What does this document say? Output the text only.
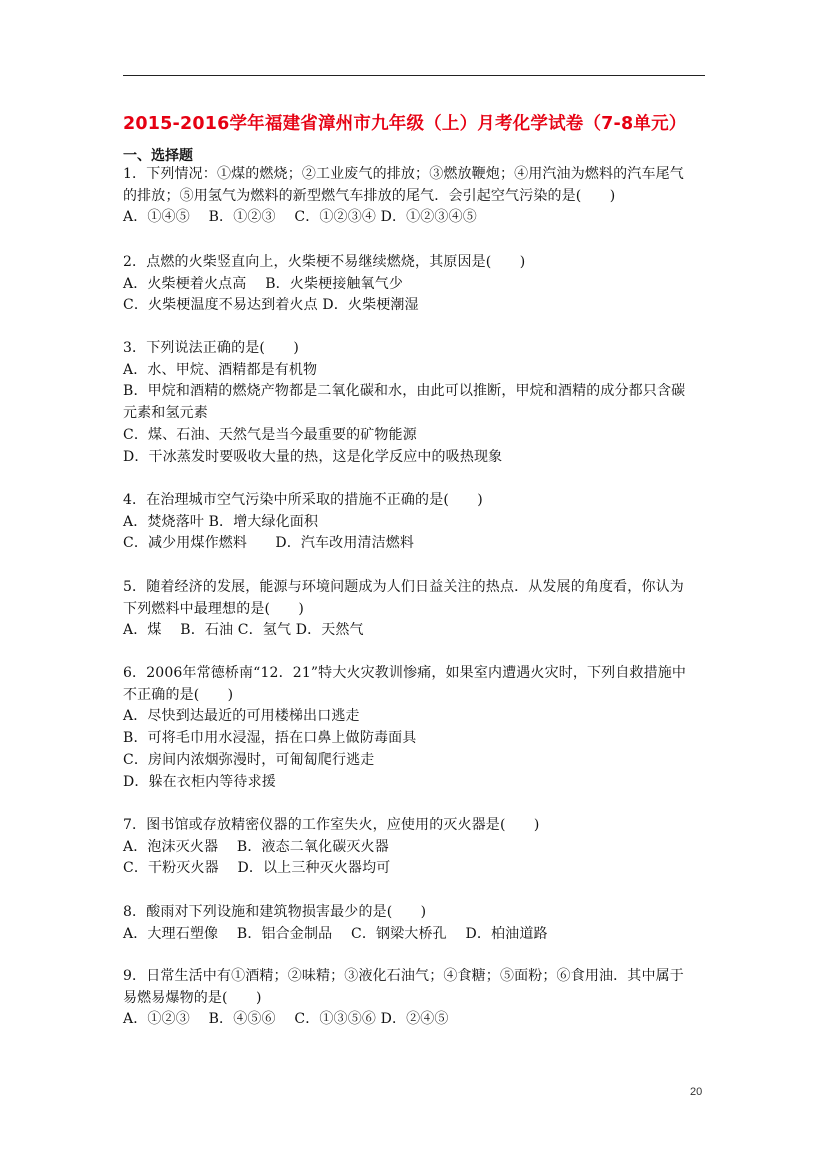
2015-2016学年福建省漳州市九年级（上）月考化学试卷（7-8单元）
一、选择题
1．下列情况：①煤的燃烧；②工业废气的排放；③燃放鞭炮；④用汽油为燃料的汽车尾气
的排放；⑤用氢气为燃料的新型燃气车排放的尾气．会引起空气污染的是(　　)
A．①④⑤　 B．①②③　 C．①②③④ D．①②③④⑤
2．点燃的火柴竖直向上，火柴梗不易继续燃烧，其原因是(　　)
A．火柴梗着火点高　 B．火柴梗接触氧气少
C．火柴梗温度不易达到着火点 D．火柴梗潮湿
3．下列说法正确的是(　　)
A．水、甲烷、酒精都是有机物
B．甲烷和酒精的燃烧产物都是二氧化碳和水，由此可以推断，甲烷和酒精的成分都只含碳
元素和氢元素
C．煤、石油、天然气是当今最重要的矿物能源
D．干冰蒸发时要吸收大量的热，这是化学反应中的吸热现象
4．在治理城市空气污染中所采取的措施不正确的是(　　)
A．焚烧落叶 B．增大绿化面积
C．减少用煤作燃料　　D．汽车改用清洁燃料
5．随着经济的发展，能源与环境问题成为人们日益关注的热点．从发展的角度看，你认为
下列燃料中最理想的是(　　)
A．煤　 B．石油 C．氢气 D．天然气
6．2006年常德桥南“12．21”特大火灾教训惨痛，如果室内遭遇火灾时，下列自救措施中
不正确的是(　　)
A．尽快到达最近的可用楼梯出口逃走
B．可将毛巾用水浸湿，捂在口鼻上做防毒面具
C．房间内浓烟弥漫时，可匍匐爬行逃走
D．躲在衣柜内等待求援
7．图书馆或存放精密仪器的工作室失火，应使用的灭火器是(　　)
A．泡沫灭火器　 B．液态二氧化碳灭火器
C．干粉灭火器　 D．以上三种灭火器均可
8．酸雨对下列设施和建筑物损害最少的是(　　)
A．大理石塑像　 B．铝合金制品　 C．钢梁大桥孔　 D．柏油道路
9．日常生活中有①酒精；②味精；③液化石油气；④食糖；⑤面粉；⑥食用油．其中属于
易燃易爆物的是(　　)
A．①②③　 B．④⑤⑥　 C．①③⑤⑥ D．②④⑤
20
